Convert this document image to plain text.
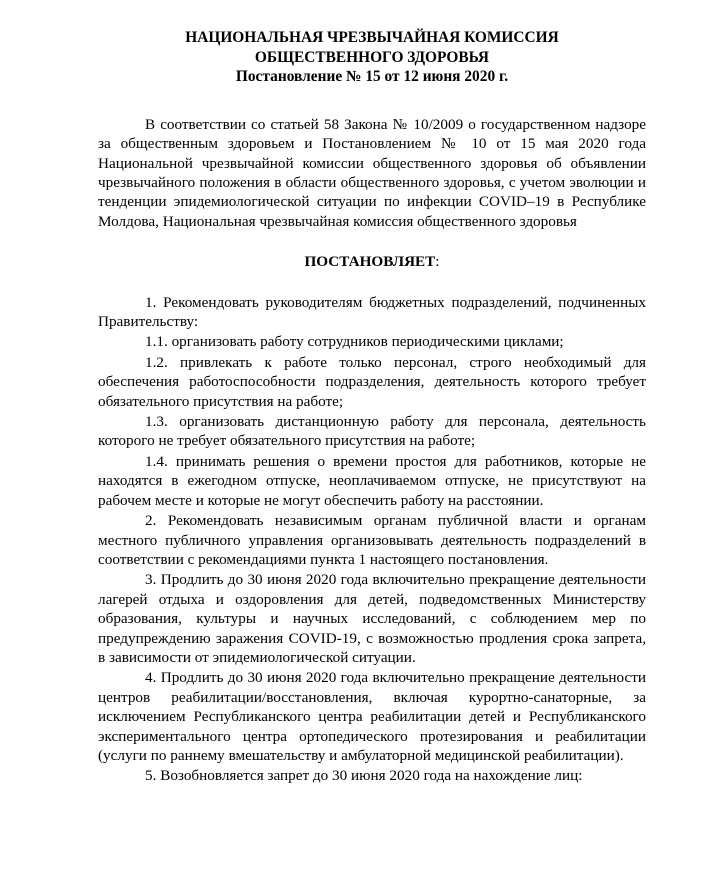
НАЦИОНАЛЬНАЯ ЧРЕЗВЫЧАЙНАЯ КОМИССИЯ
ОБЩЕСТВЕННОГО ЗДОРОВЬЯ
Постановление № 15 от 12 июня 2020 г.

В соответствии со статьей 58 Закона № 10/2009 о государственном надзоре за общественным здоровьем и Постановлением № 10 от 15 мая 2020 года Национальной чрезвычайной комиссии общественного здоровья об объявлении чрезвычайного положения в области общественного здоровья, с учетом эволюции и тенденции эпидемиологической ситуации по инфекции COVID–19 в Республике Молдова, Национальная чрезвычайная комиссия общественного здоровья

ПОСТАНОВЛЯЕТ:

1. Рекомендовать руководителям бюджетных подразделений, подчиненных Правительству:

1.1. организовать работу сотрудников периодическими циклами;

1.2. привлекать к работе только персонал, строго необходимый для обеспечения работоспособности подразделения, деятельность которого требует обязательного присутствия на работе;

1.3. организовать дистанционную работу для персонала, деятельность которого не требует обязательного присутствия на работе;

1.4. принимать решения о времени простоя для работников, которые не находятся в ежегодном отпуске, неоплачиваемом отпуске, не присутствуют на рабочем месте и которые не могут обеспечить работу на расстоянии.

2. Рекомендовать независимым органам публичной власти и органам местного публичного управления организовывать деятельность подразделений в соответствии с рекомендациями пункта 1 настоящего постановления.

3. Продлить до 30 июня 2020 года включительно прекращение деятельности лагерей отдыха и оздоровления для детей, подведомственных Министерству образования, культуры и научных исследований, с соблюдением мер по предупреждению заражения COVID-19, с возможностью продления срока запрета, в зависимости от эпидемиологической ситуации.

4. Продлить до 30 июня 2020 года включительно прекращение деятельности центров реабилитации/восстановления, включая курортно-санаторные, за исключением Республиканского центра реабилитации детей и Республиканского экспериментального центра ортопедического протезирования и реабилитации (услуги по раннему вмешательству и амбулаторной медицинской реабилитации).

5. Возобновляется запрет до 30 июня 2020 года на нахождение лиц:
